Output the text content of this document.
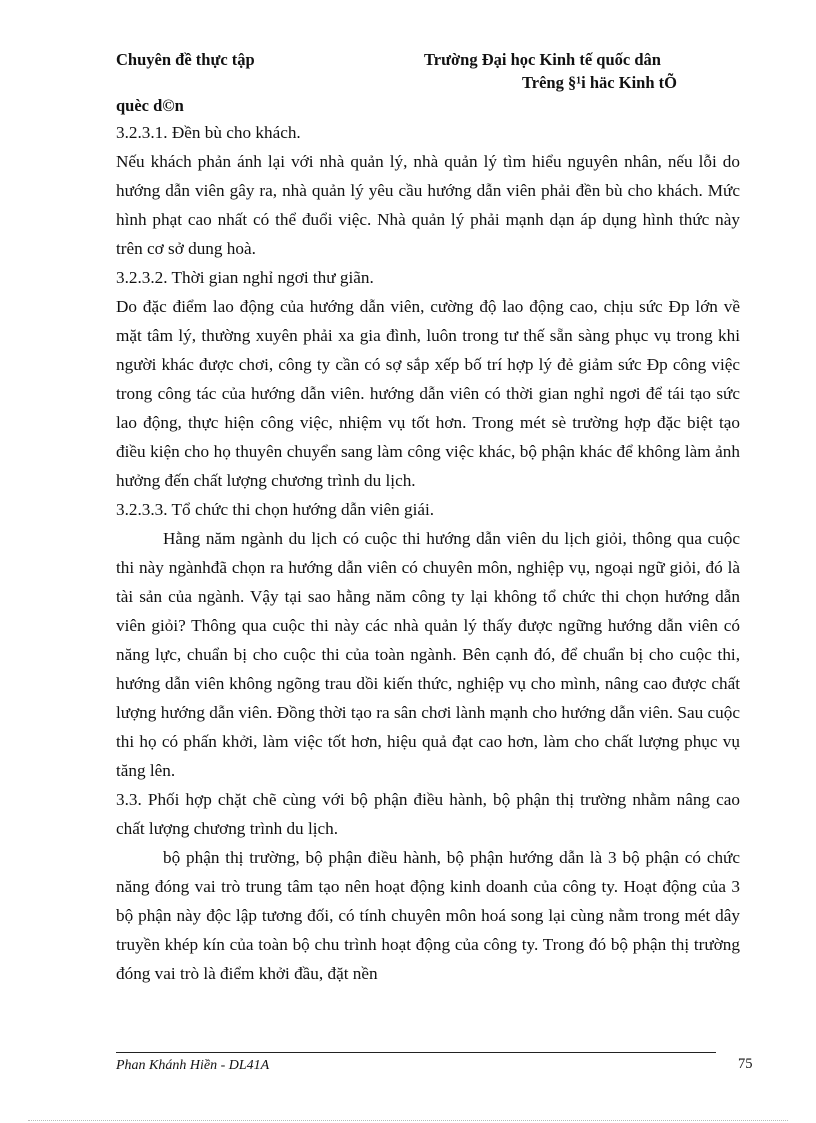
Chuyên đề thực tập	Trường Đại học Kinh tế quốc dân
Trêng §¹i häc Kinh tÕ
quèc d©n

3.2.3.1. Đền bù cho khách.

Nếu khách phản ánh lại với nhà quản lý, nhà quản lý tìm hiểu nguyên nhân, nếu lỗi do hướng dẫn viên gây ra, nhà quản lý yêu cầu hướng dẫn viên phải đền bù cho khách. Mức hình phạt cao nhất có thể đuổi việc. Nhà quản lý phải mạnh dạn áp dụng hình thức này trên cơ sở dung hoà.

3.2.3.2. Thời gian nghỉ ngơi thư giãn.

Do đặc điểm lao động của hướng dẫn viên, cường độ lao động cao, chịu sức Ðp lớn về mặt tâm lý, thường xuyên phải xa gia đình, luôn trong tư thế sẵn sàng phục vụ trong khi người khác được chơi, công ty cần có sợ sắp xếp bố trí hợp lý đẻ giảm sức Ðp công việc trong công tác của hướng dẫn viên. hướng dẫn viên có thời gian nghỉ ngơi để tái tạo sức lao động, thực hiện công việc, nhiệm vụ tốt hơn. Trong mét sè trường hợp đặc biệt tạo điều kiện cho họ thuyên chuyển sang làm công việc khác, bộ phận khác để không làm ảnh hưởng đến chất lượng chương trình du lịch.

3.2.3.3. Tổ chức thi chọn hướng dẫn viên giái.

Hằng năm ngành du lịch có cuộc thi hướng dẫn viên du lịch giỏi, thông qua cuộc thi này ngànhđã chọn ra hướng dẫn viên có chuyên môn, nghiệp vụ, ngoại ngữ giỏi, đó là tài sản của ngành. Vậy tại sao hằng năm công ty lại không tổ chức thi chọn hướng dẫn viên giỏi? Thông qua cuộc thi này các nhà quản lý thấy được ngững hướng dẫn viên có năng lực, chuẩn bị cho cuộc thi của toàn ngành. Bên cạnh đó, để chuẩn bị cho cuộc thi, hướng dẫn viên không ngõng trau dồi kiến thức, nghiệp vụ cho mình, nâng cao được chất lượng hướng dẫn viên. Đồng thời tạo ra sân chơi lành mạnh cho hướng dẫn viên. Sau cuộc thi họ có phấn khởi, làm việc tốt hơn, hiệu quả đạt cao hơn, làm cho chất lượng phục vụ tăng lên.

3.3. Phối hợp chặt chẽ cùng với bộ phận điều hành, bộ phận thị trường nhằm nâng cao chất lượng chương trình du lịch.

bộ phận thị trường, bộ phận điều hành, bộ phận hướng dẫn là 3 bộ phận có chức năng đóng vai trò trung tâm tạo nên hoạt động kinh doanh của công ty. Hoạt động của 3 bộ phận này độc lập tương đối, có tính chuyên môn hoá song lại cùng nằm trong mét dây truyền khép kín của toàn bộ chu trình hoạt động của công ty. Trong đó bộ phận thị trường đóng vai trò là điểm khởi đầu, đặt nền

Phan Khánh Hiền - DL41A	75
